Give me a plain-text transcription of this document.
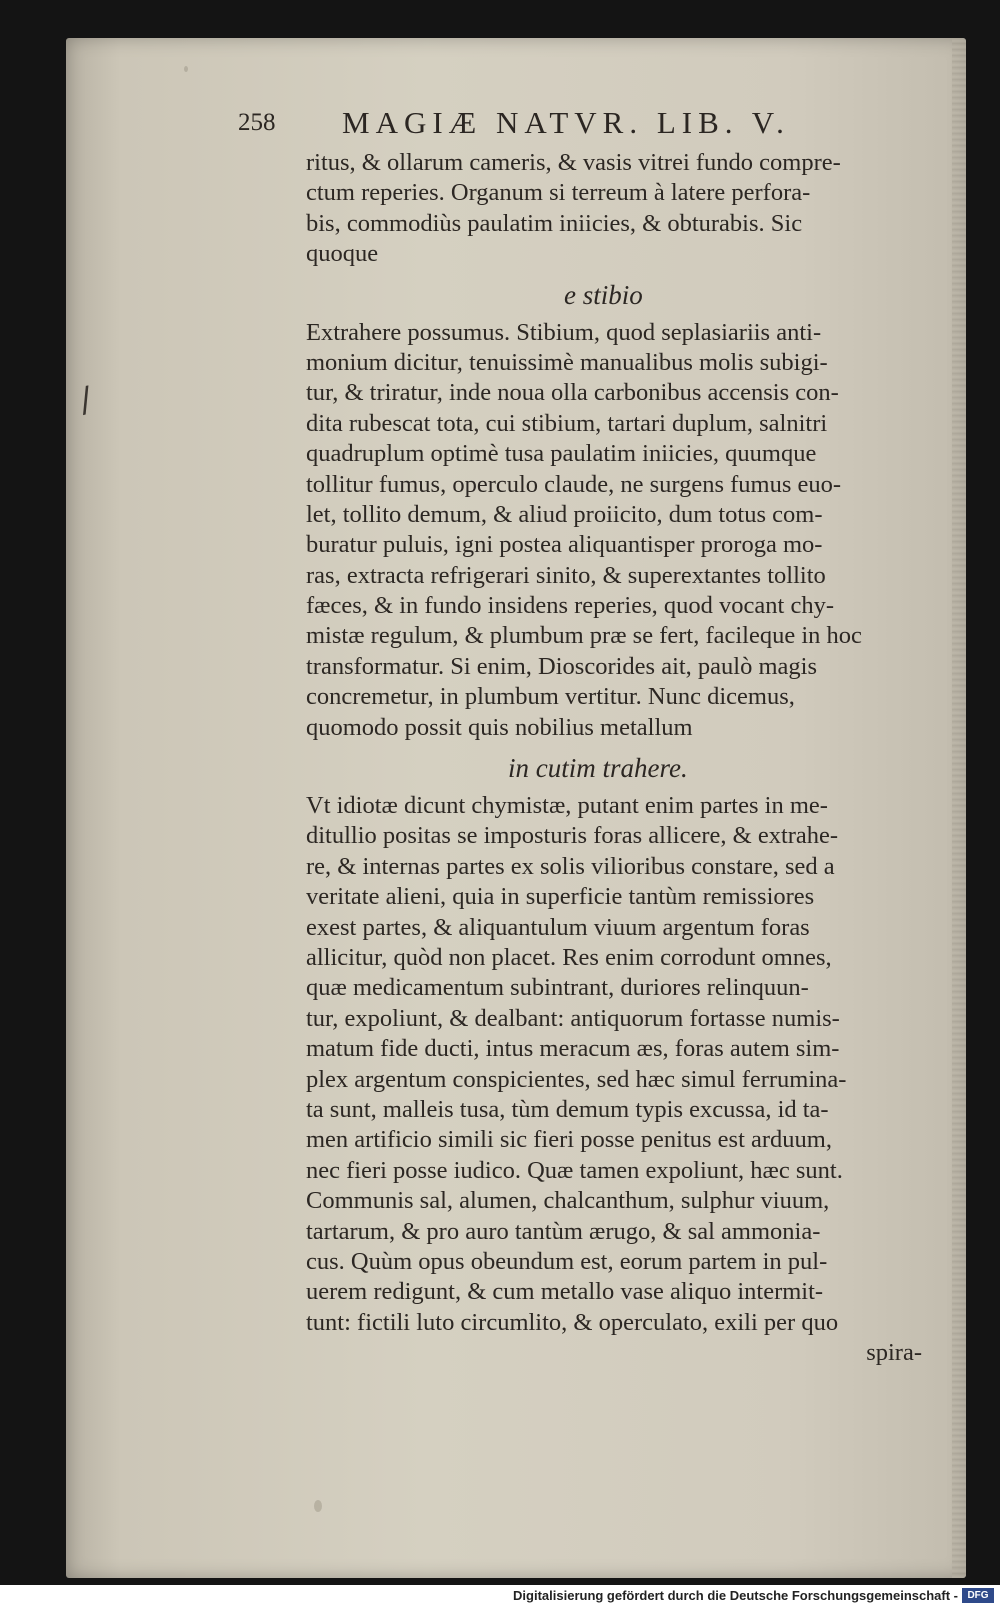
/
258 MAGIÆ NATVR. LIB. V.
ritus, & ollarum cameris, & vasis vitrei fundo compre-
ctum reperies. Organum si terreum à latere perfora-
bis, commodiùs paulatim iniicies, & obturabis. Sic
quoque
e stibio
Extrahere possumus. Stibium, quod seplasiariis anti-
monium dicitur, tenuissimè manualibus molis subigi-
tur, & triratur, inde noua olla carbonibus accensis con-
dita rubescat tota, cui stibium, tartari duplum, salnitri
quadruplum optimè tusa paulatim iniicies, quumque
tollitur fumus, operculo claude, ne surgens fumus euo-
let, tollito demum, & aliud proiicito, dum totus com-
buratur puluis, igni postea aliquantisper proroga mo-
ras, extracta refrigerari sinito, & superextantes tollito
fæces, & in fundo insidens reperies, quod vocant chy-
mistæ regulum, & plumbum præ se fert, facileque in hoc
transformatur. Si enim, Dioscorides ait, paulò magis
concremetur, in plumbum vertitur. Nunc dicemus,
quomodo possit quis nobilius metallum
in cutim trahere.
Vt idiotæ dicunt chymistæ, putant enim partes in me-
ditullio positas se imposturis foras allicere, & extrahe-
re, & internas partes ex solis vilioribus constare, sed a
veritate alieni, quia in superficie tantùm remissiores
exest partes, & aliquantulum viuum argentum foras
allicitur, quòd non placet. Res enim corrodunt omnes,
quæ medicamentum subintrant, duriores relinquun-
tur, expoliunt, & dealbant: antiquorum fortasse numis-
matum fide ducti, intus meracum æs, foras autem sim-
plex argentum conspicientes, sed hæc simul ferrumina-
ta sunt, malleis tusa, tùm demum typis excussa, id ta-
men artificio simili sic fieri posse penitus est arduum,
nec fieri posse iudico. Quæ tamen expoliunt, hæc sunt.
Communis sal, alumen, chalcanthum, sulphur viuum,
tartarum, & pro auro tantùm ærugo, & sal ammonia-
cus. Quùm opus obeundum est, eorum partem in pul-
uerem redigunt, & cum metallo vase aliquo intermit-
tunt: fictili luto circumlito, & operculato, exili per quo
spira-
Digitalisierung gefördert durch die Deutsche Forschungsgemeinschaft - DFG
